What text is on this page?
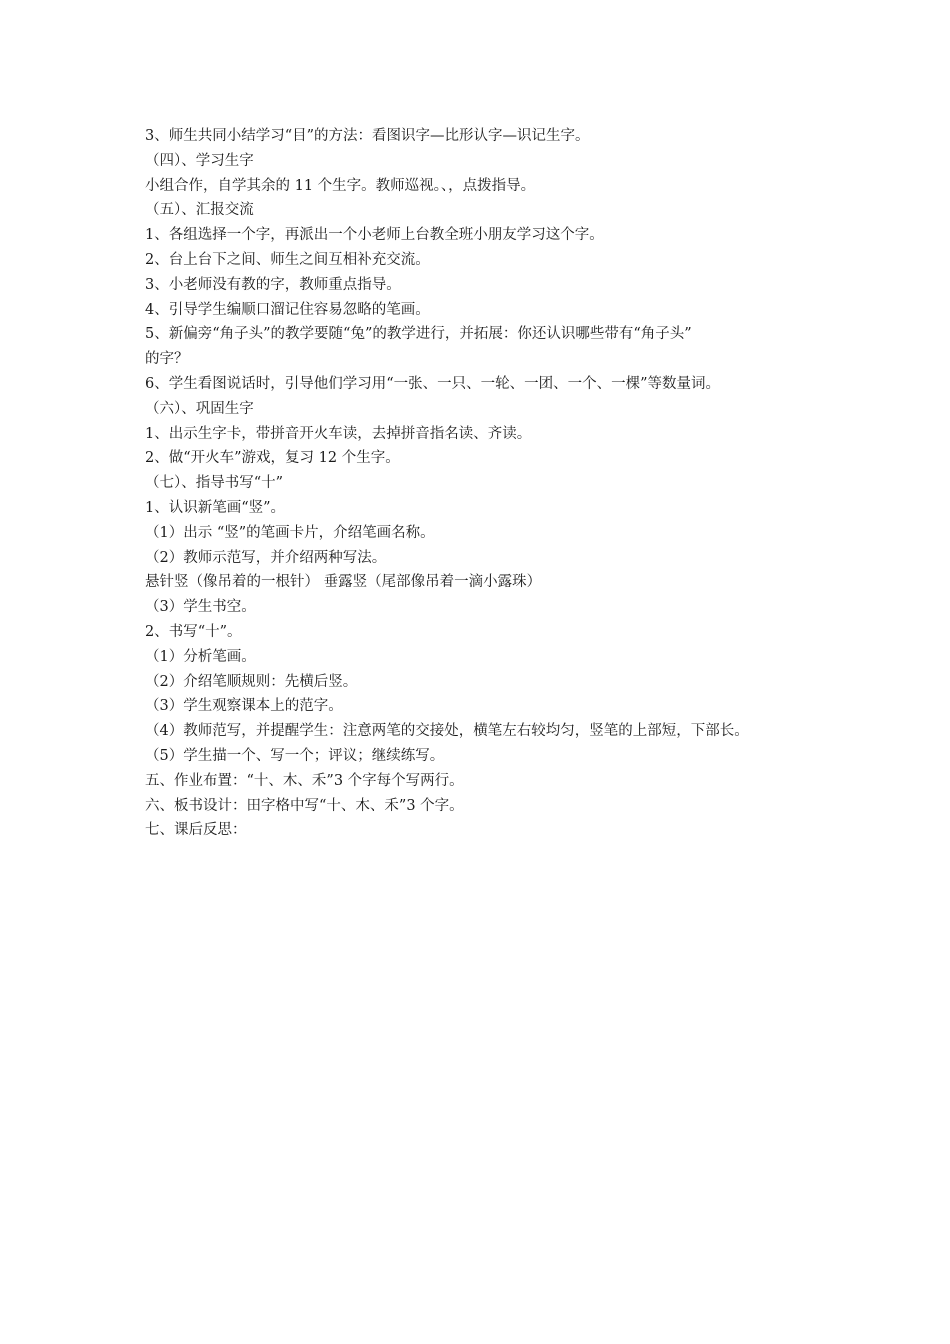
3、师生共同小结学习“目”的方法：看图识字—比形认字—识记生字。

（四）、学习生字

小组合作，自学其余的 11 个生字。教师巡视。、，点拨指导。

（五）、汇报交流

1、各组选择一个字，再派出一个小老师上台教全班小朋友学习这个字。

2、台上台下之间、师生之间互相补充交流。

3、小老师没有教的字，教师重点指导。

4、引导学生编顺口溜记住容易忽略的笔画。

5、新偏旁“角子头”的教学要随“兔”的教学进行，并拓展：你还认识哪些带有“角子头”

的字？

6、学生看图说话时，引导他们学习用“一张、一只、一轮、一团、一个、一棵”等数量词。

（六）、巩固生字

1、出示生字卡，带拼音开火车读，去掉拼音指名读、齐读。

2、做“开火车”游戏，复习 12 个生字。

（七）、指导书写“十”

1、认识新笔画“竖”。

（1）出示 “竖”的笔画卡片，介绍笔画名称。

（2）教师示范写，并介绍两种写法。

悬针竖（像吊着的一根针） 垂露竖（尾部像吊着一滴小露珠）

（3）学生书空。

2、书写“十”。

（1）分析笔画。

（2）介绍笔顺规则：先横后竖。

（3）学生观察课本上的范字。

（4）教师范写，并提醒学生：注意两笔的交接处，横笔左右较均匀，竖笔的上部短，下部长。

（5）学生描一个、写一个；评议；继续练写。

五、作业布置：“十、木、禾”3 个字每个写两行。

六、板书设计：田字格中写“十、木、禾”3 个字。

七、课后反思：
